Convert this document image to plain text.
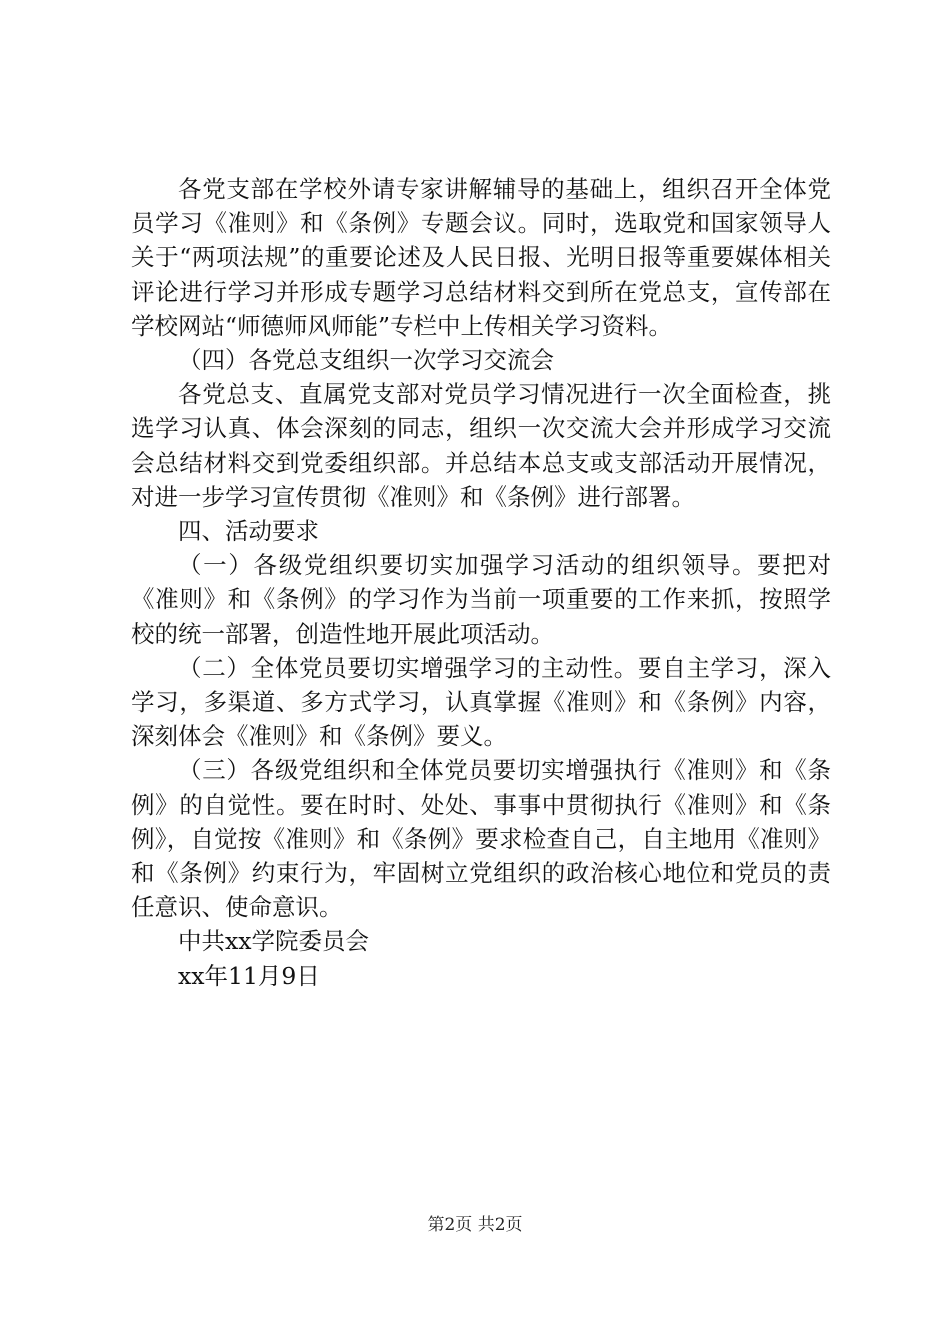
各党支部在学校外请专家讲解辅导的基础上，组织召开全体党员学习《准则》和《条例》专题会议。同时，选取党和国家领导人关于“两项法规”的重要论述及人民日报、光明日报等重要媒体相关评论进行学习并形成专题学习总结材料交到所在党总支，宣传部在学校网站“师德师风师能”专栏中上传相关学习资料。

（四）各党总支组织一次学习交流会

各党总支、直属党支部对党员学习情况进行一次全面检查，挑选学习认真、体会深刻的同志，组织一次交流大会并形成学习交流会总结材料交到党委组织部。并总结本总支或支部活动开展情况，对进一步学习宣传贯彻《准则》和《条例》进行部署。

四、活动要求

（一）各级党组织要切实加强学习活动的组织领导。要把对《准则》和《条例》的学习作为当前一项重要的工作来抓，按照学校的统一部署，创造性地开展此项活动。

（二）全体党员要切实增强学习的主动性。要自主学习，深入学习，多渠道、多方式学习，认真掌握《准则》和《条例》内容，深刻体会《准则》和《条例》要义。

（三）各级党组织和全体党员要切实增强执行《准则》和《条例》的自觉性。要在时时、处处、事事中贯彻执行《准则》和《条例》，自觉按《准则》和《条例》要求检查自己，自主地用《准则》和《条例》约束行为，牢固树立党组织的政治核心地位和党员的责任意识、使命意识。

中共xx学院委员会

xx年11月9日

第2页 共2页
